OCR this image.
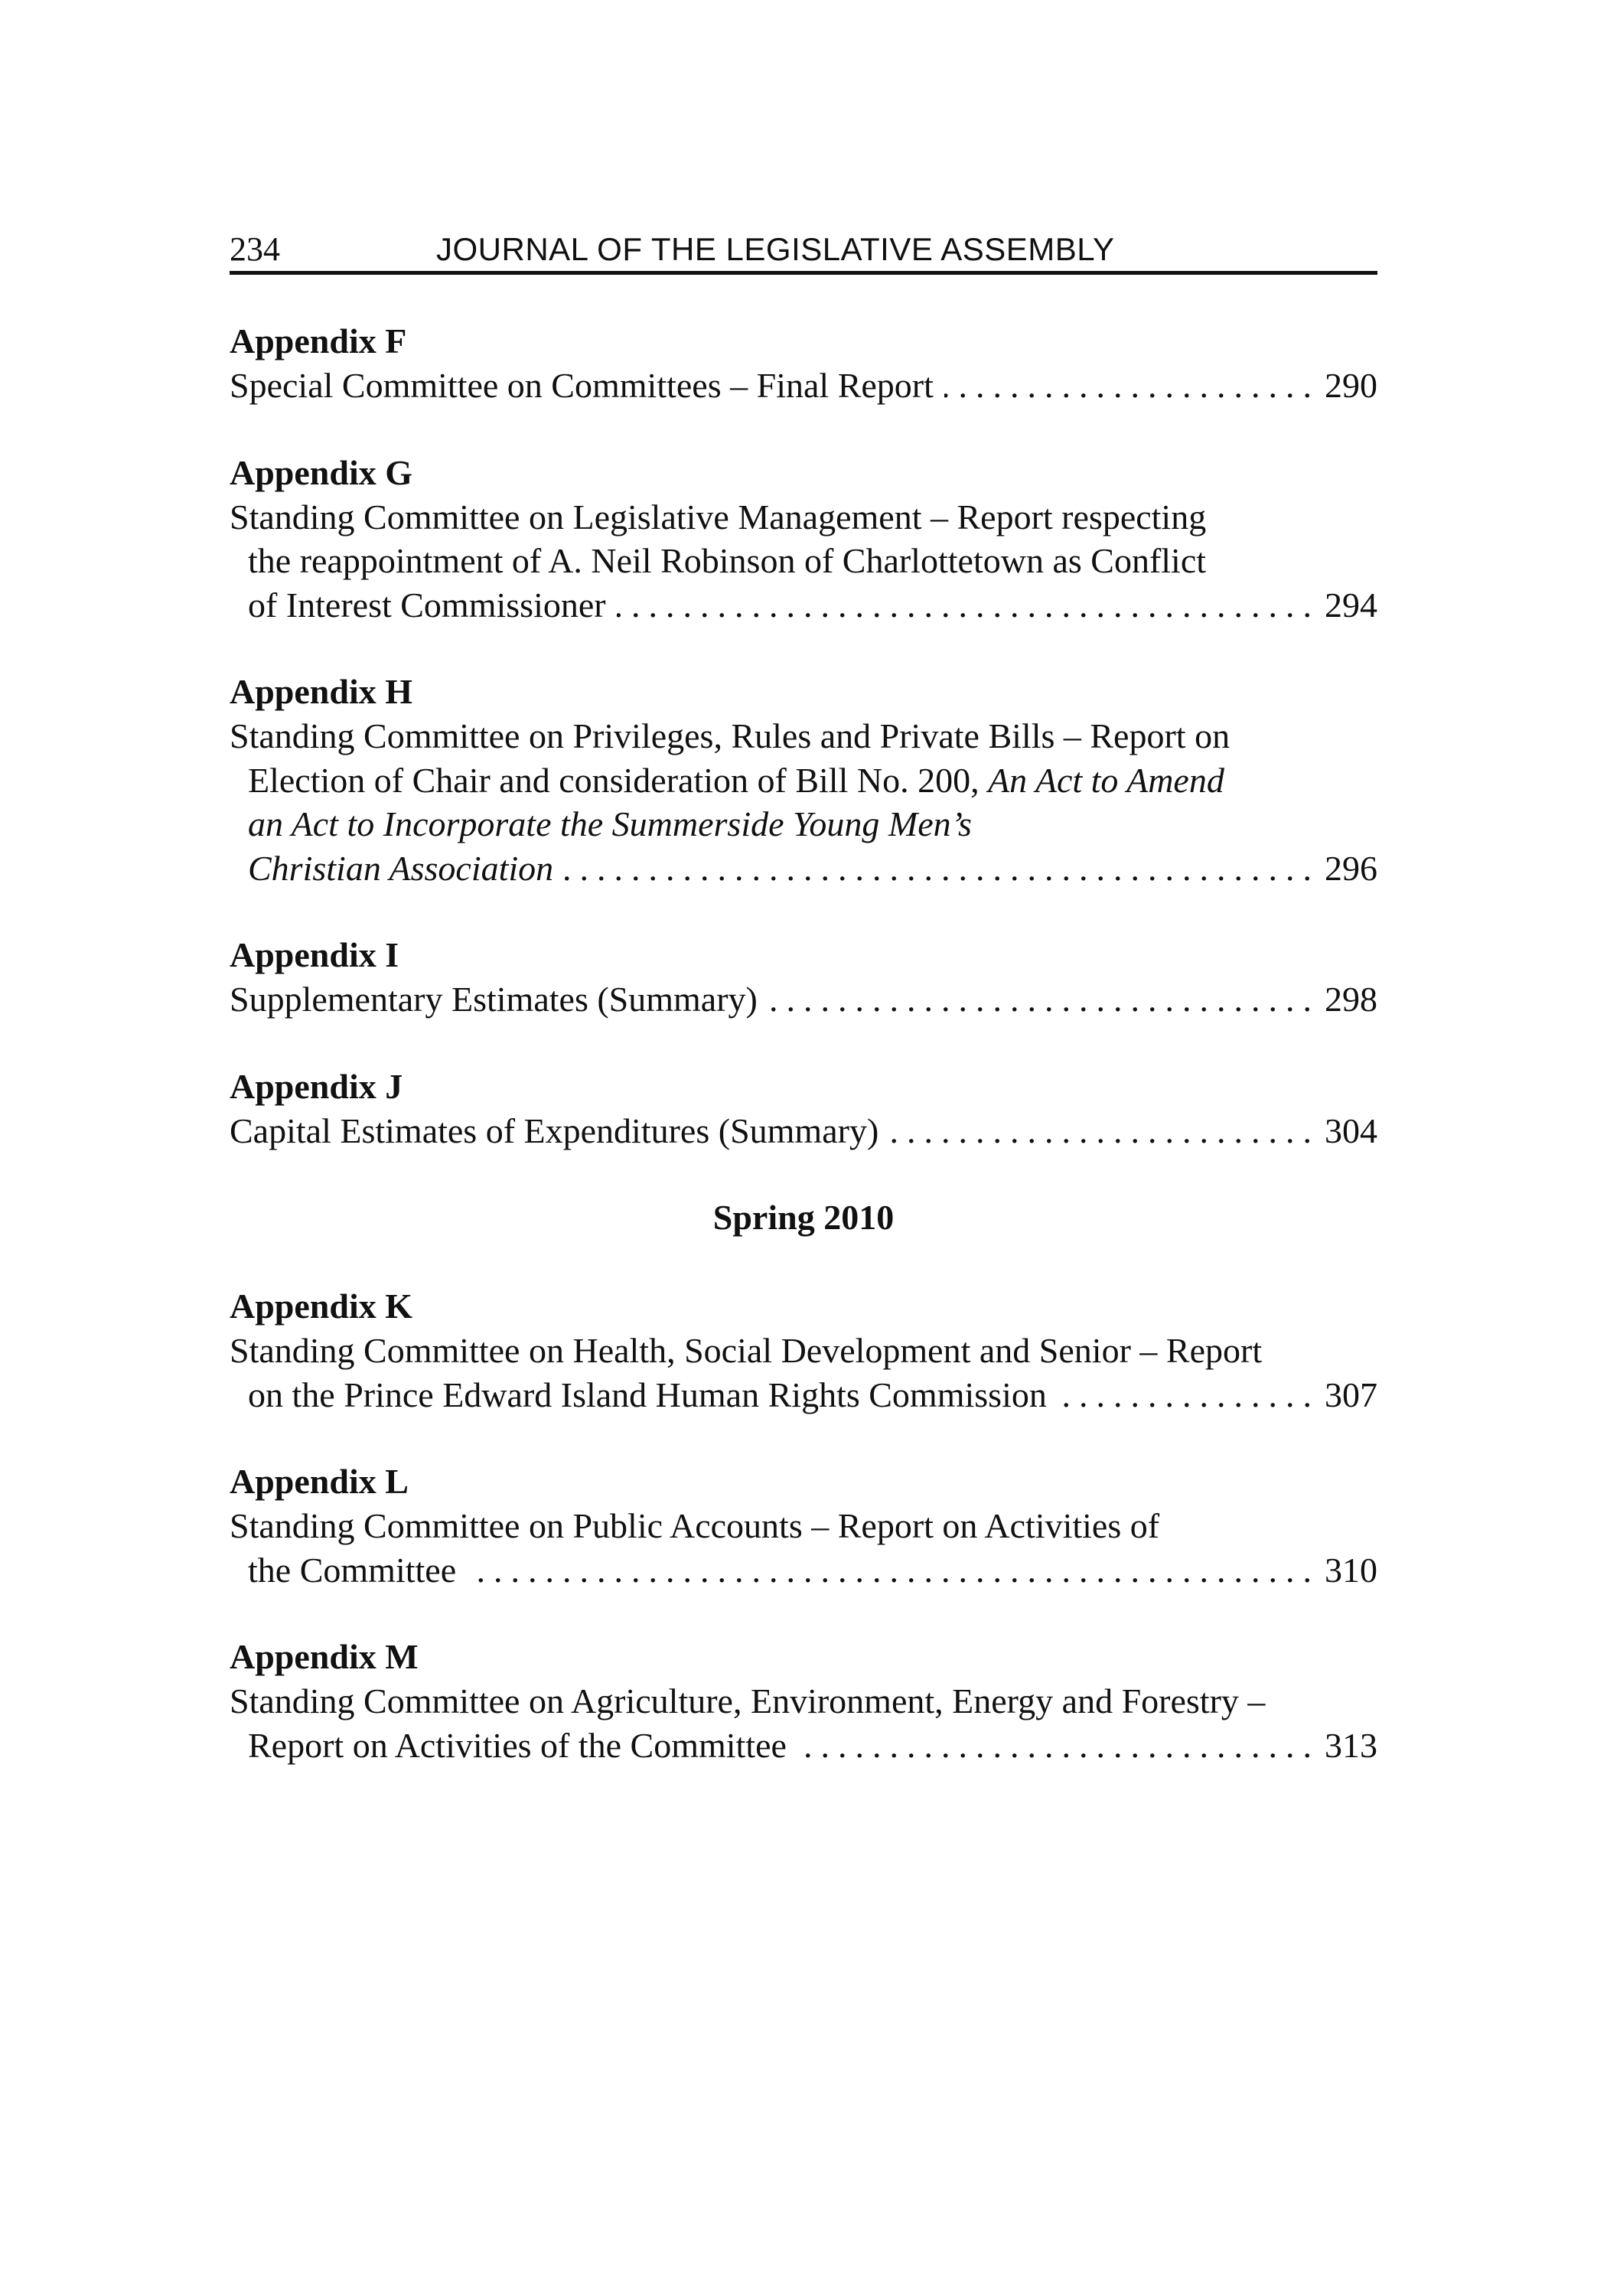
234	JOURNAL OF THE LEGISLATIVE ASSEMBLY
Appendix F
Special Committee on Committees – Final Report .....	290
Appendix G
Standing Committee on Legislative Management – Report respecting
the reappointment of A. Neil Robinson of Charlottetown as Conflict
of Interest Commissioner .....	294
Appendix H
Standing Committee on Privileges, Rules and Private Bills – Report on
Election of Chair and consideration of Bill No. 200, An Act to Amend
an Act to Incorporate the Summerside Young Men’s
Christian Association .....	296
Appendix I
Supplementary Estimates (Summary) .....	298
Appendix J
Capital Estimates of Expenditures (Summary) .....	304
Spring 2010
Appendix K
Standing Committee on Health, Social Development and Senior – Report
on the Prince Edward Island Human Rights Commission .....	307
Appendix L
Standing Committee on Public Accounts – Report on Activities of
the Committee .....	310
Appendix M
Standing Committee on Agriculture, Environment, Energy and Forestry –
Report on Activities of the Committee .....	313
